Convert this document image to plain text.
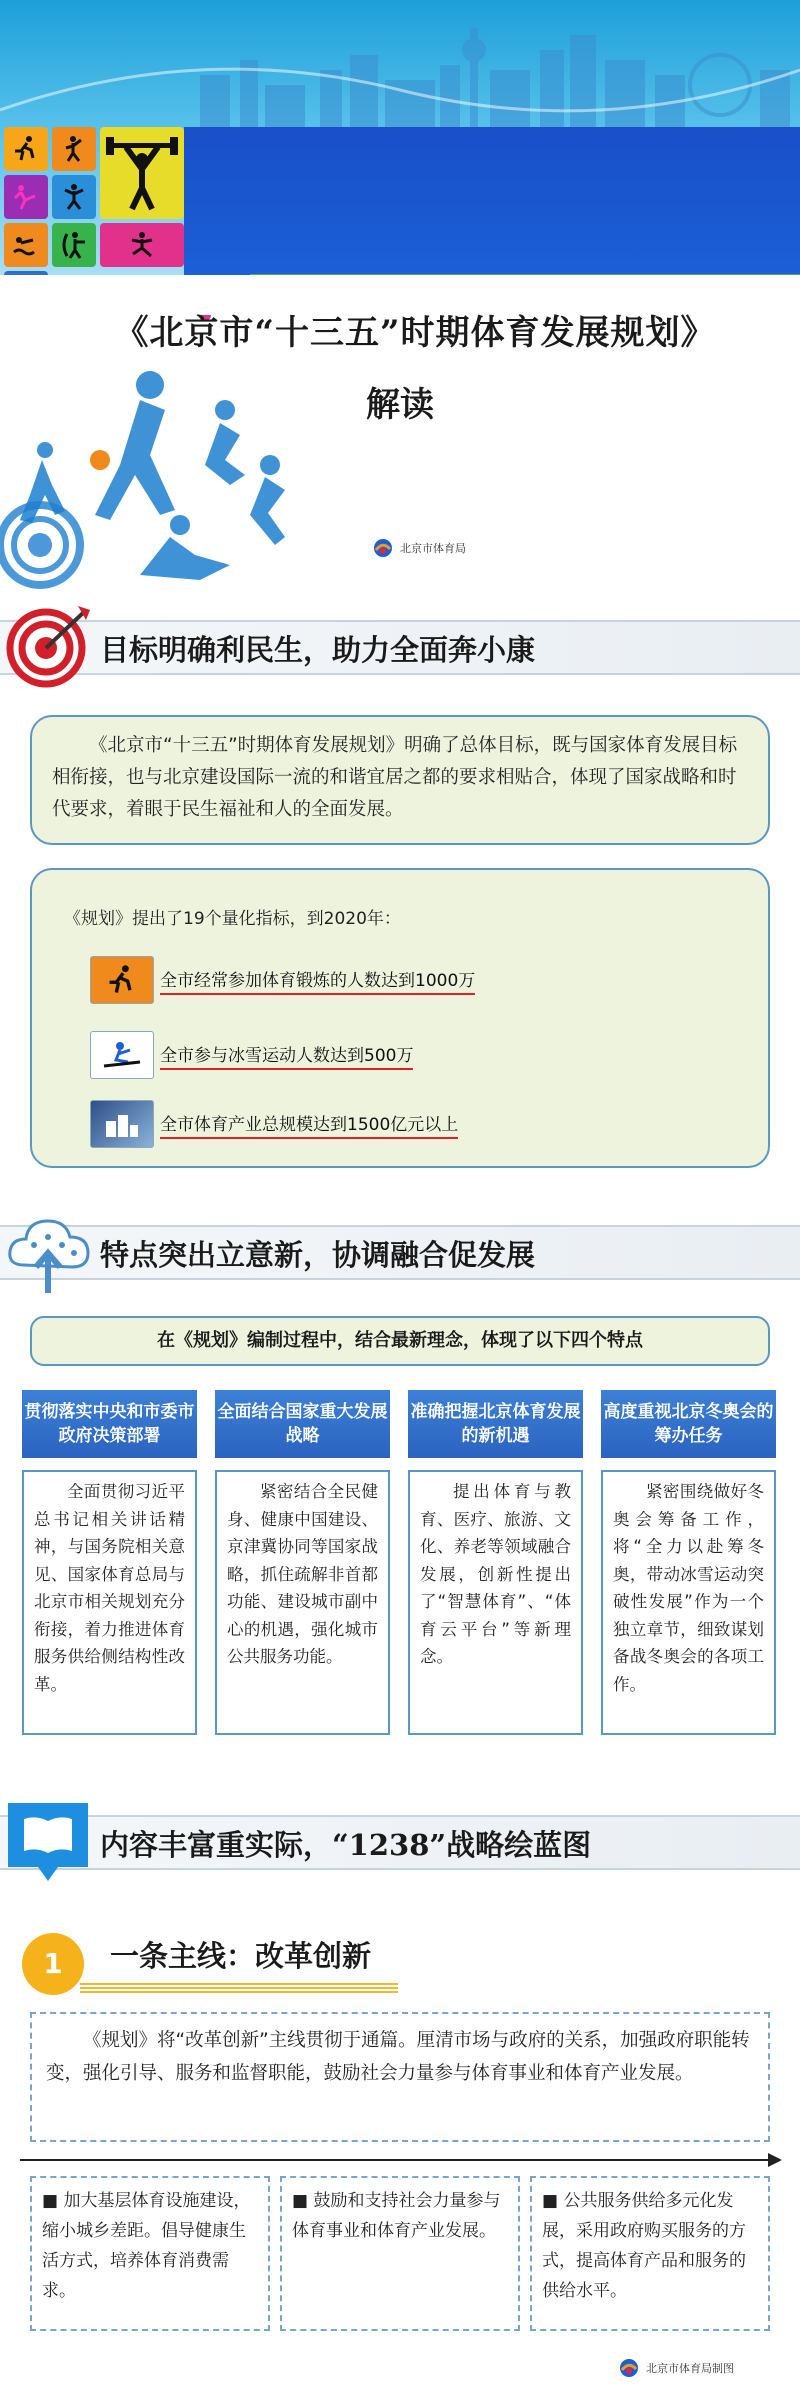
《北京市“十三五”时期体育发展规划》
解读
北京市体育局
目标明确利民生，助力全面奔小康
《北京市“十三五”时期体育发展规划》明确了总体目标，既与国家体育发展目标相衔接，也与北京建设国际一流的和谐宜居之都的要求相贴合，体现了国家战略和时代要求，着眼于民生福祉和人的全面发展。
《规划》提出了19个量化指标，到2020年：
全市经常参加体育锻炼的人数达到1000万
全市参与冰雪运动人数达到500万
全市体育产业总规模达到1500亿元以上
特点突出立意新，协调融合促发展
在《规划》编制过程中，结合最新理念，体现了以下四个特点
贯彻落实中央和市委市政府决策部署
全面结合国家重大发展战略
准确把握北京体育发展的新机遇
高度重视北京冬奥会的筹办任务
全面贯彻习近平总书记相关讲话精神，与国务院相关意见、国家体育总局与北京市相关规划充分衔接，着力推进体育服务供给侧结构性改革。
紧密结合全民健身、健康中国建设、京津冀协同等国家战略，抓住疏解非首都功能、建设城市副中心的机遇，强化城市公共服务功能。
提出体育与教育、医疗、旅游、文化、养老等领域融合发展，创新性提出了“智慧体育”、“体育云平台”等新理念。
紧密围绕做好冬奥会筹备工作，将“全力以赴筹冬奥，带动冰雪运动突破性发展”作为一个独立章节，细致谋划备战冬奥会的各项工作。
内容丰富重实际，“1238”战略绘蓝图
1	一条主线：改革创新
《规划》将“改革创新”主线贯彻于通篇。厘清市场与政府的关系，加强政府职能转变，强化引导、服务和监督职能，鼓励社会力量参与体育事业和体育产业发展。
■ 加大基层体育设施建设，缩小城乡差距。倡导健康生活方式，培养体育消费需求。
■ 鼓励和支持社会力量参与体育事业和体育产业发展。
■ 公共服务供给多元化发展，采用政府购买服务的方式，提高体育产品和服务的供给水平。
北京市体育局制图
